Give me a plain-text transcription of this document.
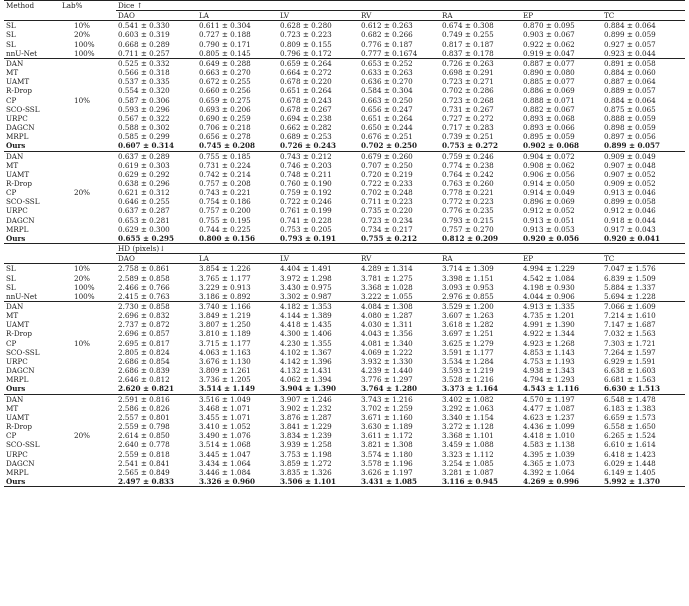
Method	Lab%	Dice ↑						
		DAO	LA	LV	RV	RA	EP	TC
SL	10%	0.541 ± 0.330	0.611 ± 0.304	0.628 ± 0.280	0.612 ± 0.263	0.674 ± 0.308	0.870 ± 0.095	0.884 ± 0.064
SL	20%	0.603 ± 0.319	0.727 ± 0.188	0.723 ± 0.223	0.682 ± 0.266	0.749 ± 0.255	0.903 ± 0.067	0.899 ± 0.059
SL	100%	0.668 ± 0.289	0.790 ± 0.171	0.809 ± 0.155	0.776 ± 0.187	0.817 ± 0.187	0.922 ± 0.062	0.927 ± 0.057
nnU-Net	100%	0.711 ± 0.257	0.805 ± 0.145	0.796 ± 0.172	0.777 ± 0.1674	0.837 ± 0.178	0.919 ± 0.047	0.923 ± 0.044
DAN		0.525 ± 0.332	0.649 ± 0.288	0.659 ± 0.264	0.653 ± 0.252	0.726 ± 0.263	0.887 ± 0.077	0.891 ± 0.058
MT		0.566 ± 0.318	0.663 ± 0.270	0.664 ± 0.272	0.633 ± 0.263	0.698 ± 0.291	0.890 ± 0.080	0.884 ± 0.060
UAMT		0.537 ± 0.335	0.672 ± 0.255	0.678 ± 0.220	0.636 ± 0.270	0.723 ± 0.271	0.885 ± 0.077	0.887 ± 0.064
R-Drop		0.554 ± 0.320	0.660 ± 0.256	0.651 ± 0.264	0.584 ± 0.304	0.702 ± 0.286	0.886 ± 0.069	0.889 ± 0.057
CP	10%	0.587 ± 0.306	0.659 ± 0.275	0.678 ± 0.243	0.663 ± 0.250	0.723 ± 0.268	0.888 ± 0.071	0.884 ± 0.064
SCO-SSL		0.593 ± 0.296	0.693 ± 0.206	0.678 ± 0.267	0.656 ± 0.247	0.731 ± 0.267	0.882 ± 0.067	0.875 ± 0.065
URPC		0.567 ± 0.322	0.690 ± 0.259	0.694 ± 0.238	0.651 ± 0.264	0.727 ± 0.272	0.893 ± 0.068	0.888 ± 0.059
DAGCN		0.588 ± 0.302	0.706 ± 0.218	0.662 ± 0.282	0.650 ± 0.244	0.717 ± 0.283	0.893 ± 0.066	0.898 ± 0.059
MRPL		0.585 ± 0.299	0.656 ± 0.278	0.689 ± 0.253	0.676 ± 0.251	0.739 ± 0.251	0.895 ± 0.059	0.897 ± 0.056
Ours		0.607 ± 0.314	0.745 ± 0.208	0.726 ± 0.243	0.702 ± 0.250	0.753 ± 0.272	0.902 ± 0.068	0.899 ± 0.057
DAN		0.637 ± 0.289	0.755 ± 0.185	0.743 ± 0.212	0.679 ± 0.260	0.759 ± 0.246	0.904 ± 0.072	0.909 ± 0.049
MT		0.619 ± 0.303	0.731 ± 0.224	0.746 ± 0.203	0.707 ± 0.250	0.774 ± 0.238	0.908 ± 0.062	0.907 ± 0.048
UAMT		0.629 ± 0.292	0.742 ± 0.214	0.748 ± 0.211	0.720 ± 0.219	0.764 ± 0.242	0.906 ± 0.056	0.907 ± 0.052
R-Drop		0.638 ± 0.296	0.757 ± 0.208	0.760 ± 0.190	0.722 ± 0.233	0.763 ± 0.260	0.914 ± 0.050	0.909 ± 0.052
CP	20%	0.621 ± 0.312	0.743 ± 0.221	0.759 ± 0.192	0.702 ± 0.248	0.778 ± 0.221	0.914 ± 0.049	0.913 ± 0.046
SCO-SSL		0.646 ± 0.255	0.754 ± 0.186	0.722 ± 0.246	0.711 ± 0.223	0.772 ± 0.223	0.896 ± 0.069	0.899 ± 0.058
URPC		0.637 ± 0.287	0.757 ± 0.200	0.761 ± 0.199	0.735 ± 0.220	0.776 ± 0.235	0.912 ± 0.052	0.912 ± 0.046
DAGCN		0.653 ± 0.281	0.755 ± 0.195	0.741 ± 0.228	0.723 ± 0.234	0.793 ± 0.215	0.913 ± 0.051	0.918 ± 0.044
MRPL		0.629 ± 0.300	0.744 ± 0.225	0.753 ± 0.205	0.734 ± 0.217	0.757 ± 0.270	0.913 ± 0.053	0.917 ± 0.043
Ours		0.655 ± 0.295	0.800 ± 0.156	0.793 ± 0.191	0.755 ± 0.212	0.812 ± 0.209	0.920 ± 0.056	0.920 ± 0.041
		HD (pixels)↓						
		DAO	LA	LV	RV	RA	EP	TC
SL	10%	2.758 ± 0.861	3.854 ± 1.226	4.404 ± 1.491	4.289 ± 1.314	3.714 ± 1.309	4.994 ± 1.229	7.047 ± 1.576
SL	20%	2.589 ± 0.858	3.765 ± 1.177	3.972 ± 1.298	3.781 ± 1.275	3.398 ± 1.151	4.542 ± 1.084	6.839 ± 1.509
SL	100%	2.466 ± 0.766	3.229 ± 0.913	3.430 ± 0.975	3.368 ± 1.028	3.093 ± 0.953	4.198 ± 0.930	5.884 ± 1.337
nnU-Net	100%	2.415 ± 0.763	3.186 ± 0.892	3.302 ± 0.987	3.222 ± 1.055	2.976 ± 0.855	4.044 ± 0.906	5.694 ± 1.228
DAN		2.730 ± 0.858	3.740 ± 1.166	4.182 ± 1.353	4.084 ± 1.308	3.529 ± 1.200	4.913 ± 1.335	7.066 ± 1.609
MT		2.696 ± 0.832	3.849 ± 1.219	4.144 ± 1.389	4.080 ± 1.287	3.607 ± 1.263	4.735 ± 1.201	7.214 ± 1.610
UAMT		2.737 ± 0.872	3.807 ± 1.250	4.418 ± 1.435	4.030 ± 1.311	3.618 ± 1.282	4.991 ± 1.390	7.147 ± 1.687
R-Drop		2.696 ± 0.857	3.810 ± 1.189	4.300 ± 1.406	4.043 ± 1.356	3.697 ± 1.251	4.922 ± 1.344	7.032 ± 1.563
CP	10%	2.695 ± 0.817	3.715 ± 1.177	4.230 ± 1.355	4.081 ± 1.340	3.625 ± 1.279	4.923 ± 1.268	7.303 ± 1.721
SCO-SSL		2.805 ± 0.824	4.063 ± 1.163	4.102 ± 1.367	4.069 ± 1.222	3.591 ± 1.177	4.853 ± 1.143	7.264 ± 1.597
URPC		2.686 ± 0.854	3.676 ± 1.130	4.142 ± 1.396	3.932 ± 1.330	3.534 ± 1.284	4.753 ± 1.193	6.929 ± 1.591
DAGCN		2.686 ± 0.839	3.809 ± 1.261	4.132 ± 1.431	4.239 ± 1.440	3.593 ± 1.219	4.938 ± 1.343	6.638 ± 1.603
MRPL		2.646 ± 0.812	3.736 ± 1.205	4.062 ± 1.394	3.776 ± 1.297	3.528 ± 1.216	4.794 ± 1.293	6.681 ± 1.563
Ours		2.620 ± 0.821	3.514 ± 1.149	3.904 ± 1.390	3.764 ± 1.280	3.373 ± 1.164	4.543 ± 1.116	6.630 ± 1.513
DAN		2.591 ± 0.816	3.516 ± 1.049	3.907 ± 1.246	3.743 ± 1.216	3.402 ± 1.082	4.570 ± 1.197	6.548 ± 1.478
MT		2.586 ± 0.826	3.468 ± 1.071	3.902 ± 1.232	3.702 ± 1.259	3.292 ± 1.063	4.477 ± 1.087	6.183 ± 1.383
UAMT		2.557 ± 0.801	3.455 ± 1.071	3.876 ± 1.287	3.671 ± 1.160	3.340 ± 1.154	4.623 ± 1.237	6.659 ± 1.573
R-Drop		2.559 ± 0.798	3.410 ± 1.052	3.841 ± 1.229	3.630 ± 1.189	3.272 ± 1.128	4.436 ± 1.099	6.558 ± 1.650
CP	20%	2.614 ± 0.850	3.490 ± 1.076	3.834 ± 1.239	3.611 ± 1.172	3.368 ± 1.101	4.418 ± 1.010	6.265 ± 1.524
SCO-SSL		2.640 ± 0.778	3.514 ± 1.068	3.939 ± 1.258	3.821 ± 1.308	3.459 ± 1.088	4.583 ± 1.138	6.610 ± 1.614
URPC		2.559 ± 0.818	3.445 ± 1.047	3.753 ± 1.198	3.574 ± 1.180	3.323 ± 1.112	4.395 ± 1.039	6.418 ± 1.423
DAGCN		2.541 ± 0.841	3.434 ± 1.064	3.859 ± 1.272	3.578 ± 1.196	3.254 ± 1.085	4.365 ± 1.073	6.029 ± 1.448
MRPL		2.565 ± 0.849	3.446 ± 1.084	3.835 ± 1.326	3.626 ± 1.197	3.281 ± 1.087	4.392 ± 1.064	6.149 ± 1.405
Ours		2.497 ± 0.833	3.326 ± 0.960	3.506 ± 1.101	3.431 ± 1.085	3.116 ± 0.945	4.269 ± 0.996	5.992 ± 1.370
